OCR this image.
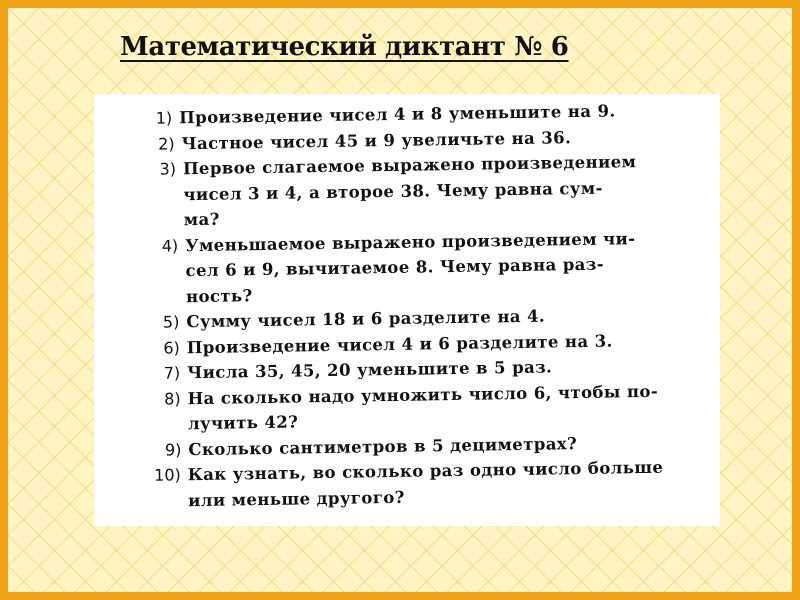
Математический диктант № 6
1) Произведение чисел 4 и 8 уменьшите на 9.
2) Частное чисел 45 и 9 увеличьте на 36.
3) Первое слагаемое выражено произведением
чисел 3 и 4, а второе 38. Чему равна сум-
ма?
4) Уменьшаемое выражено произведением чи-
сел 6 и 9, вычитаемое 8. Чему равна раз-
ность?
5) Сумму чисел 18 и 6 разделите на 4.
6) Произведение чисел 4 и 6 разделите на 3.
7) Числа 35, 45, 20 уменьшите в 5 раз.
8) На сколько надо умножить число 6, чтобы по-
лучить 42?
9) Сколько сантиметров в 5 дециметрах?
10) Как узнать, во сколько раз одно число больше
или меньше другого?
